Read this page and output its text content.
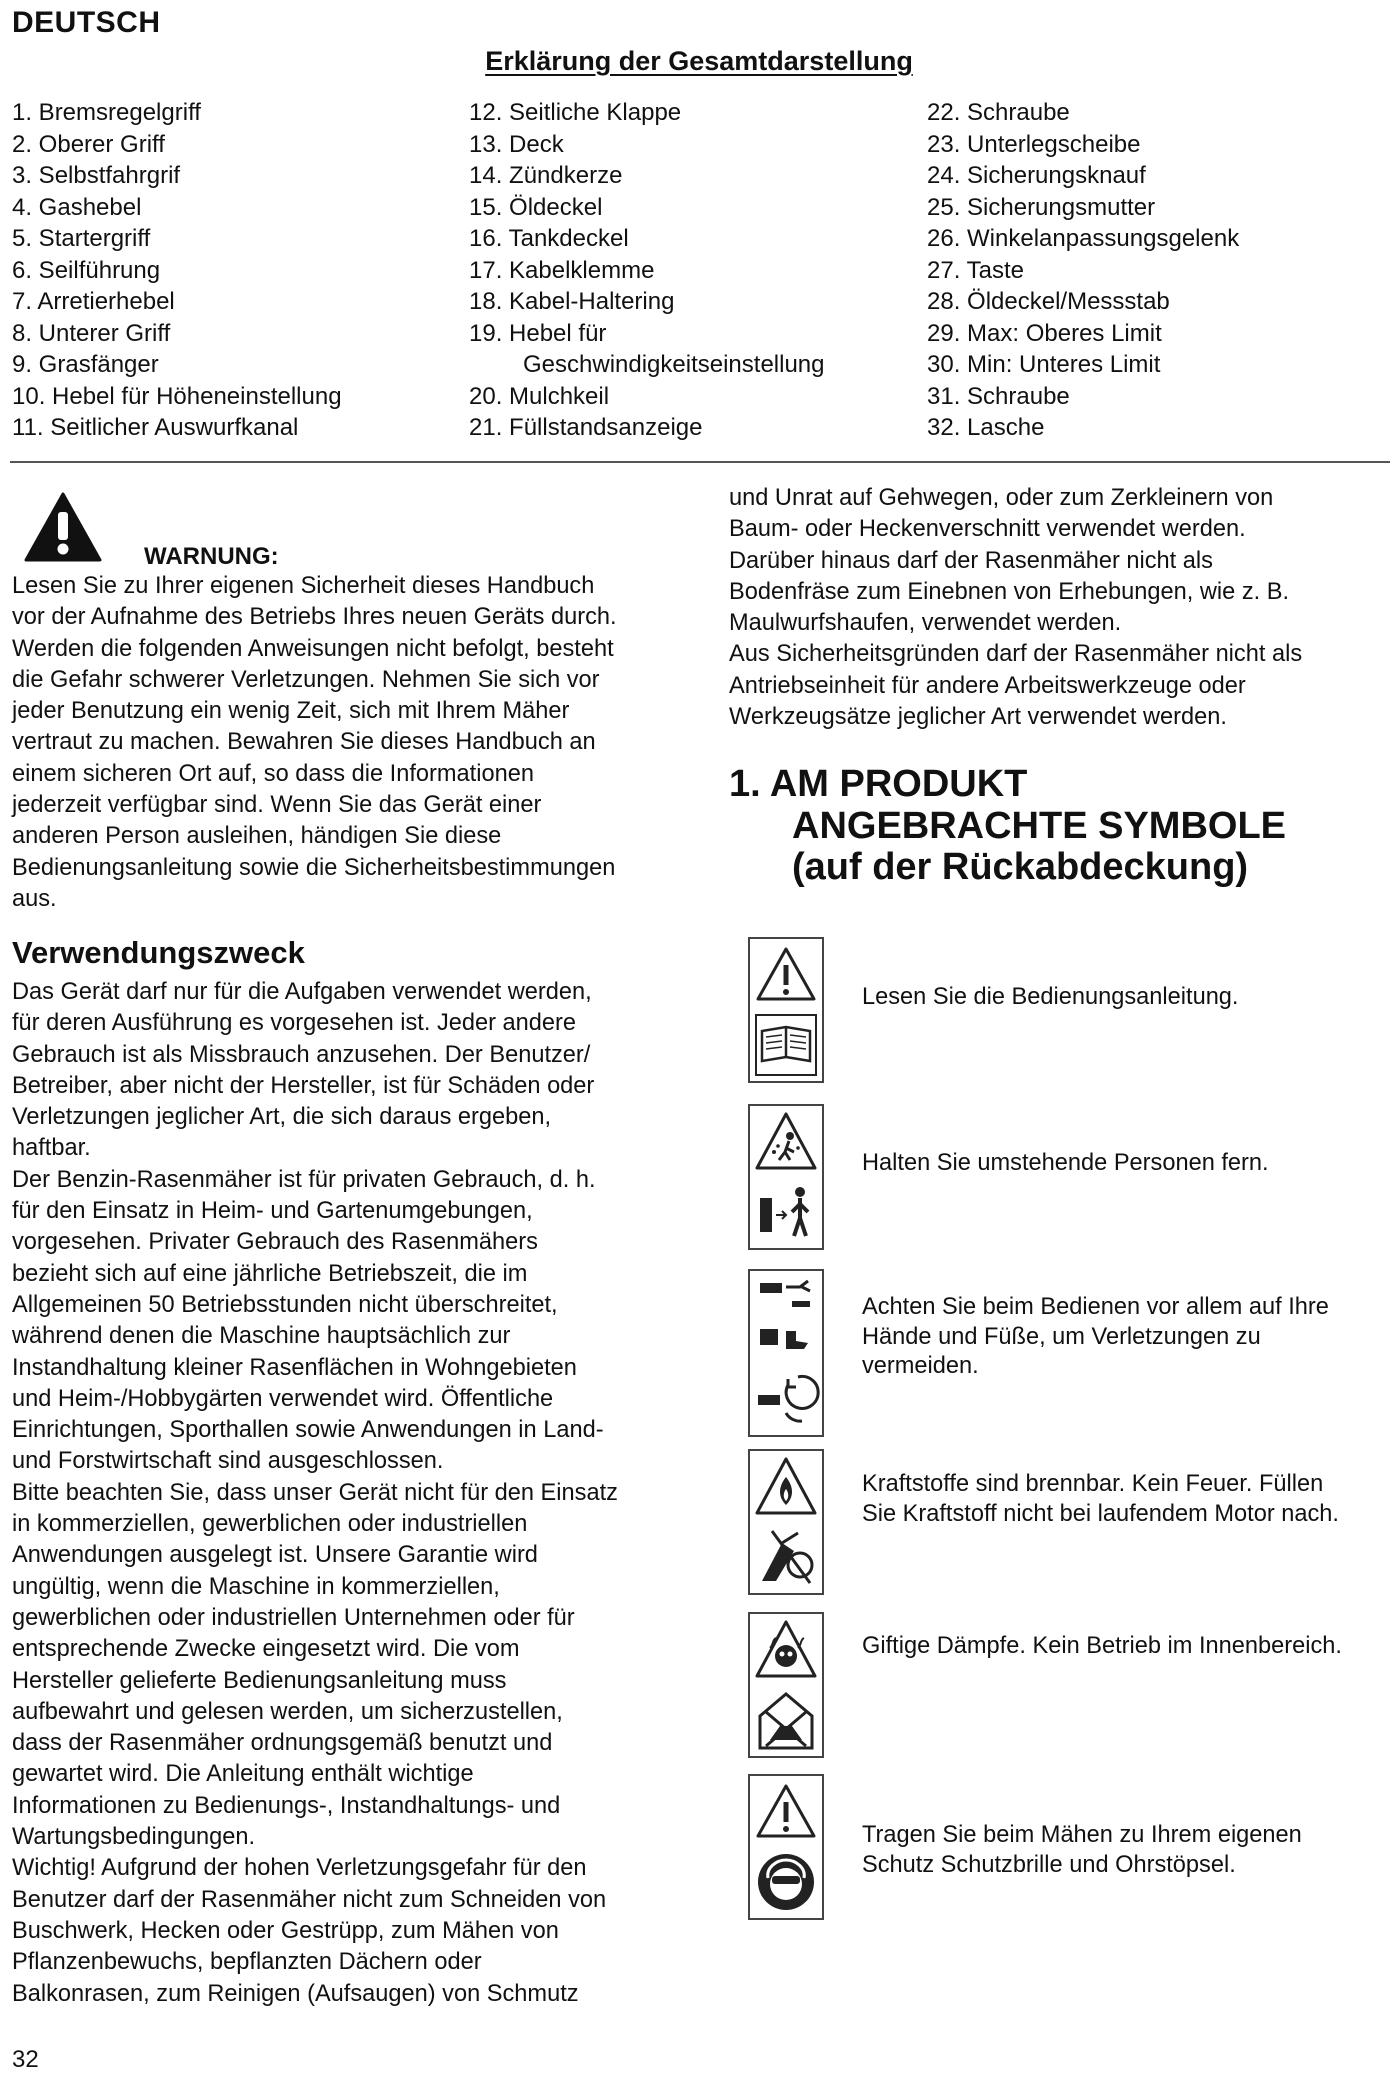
DEUTSCH
Erklärung der Gesamtdarstellung
1. Bremsregelgriff
2. Oberer Griff
3. Selbstfahrgrif
4. Gashebel
5. Startergriff
6. Seilführung
7. Arretierhebel
8. Unterer Griff
9. Grasfänger
10. Hebel für Höheneinstellung
11. Seitlicher Auswurfkanal
12. Seitliche Klappe
13. Deck
14. Zündkerze
15. Öldeckel
16. Tankdeckel
17. Kabelklemme
18. Kabel-Haltering
19. Hebel für
Geschwindigkeitseinstellung
20. Mulchkeil
21. Füllstandsanzeige
22. Schraube
23. Unterlegscheibe
24. Sicherungsknauf
25. Sicherungsmutter
26. Winkelanpassungsgelenk
27. Taste
28. Öldeckel/Messstab
29. Max: Oberes Limit
30. Min: Unteres Limit
31. Schraube
32. Lasche
WARNUNG:

Lesen Sie zu Ihrer eigenen Sicherheit dieses Handbuch

vor der Aufnahme des Betriebs Ihres neuen Geräts durch.

Werden die folgenden Anweisungen nicht befolgt, besteht

die Gefahr schwerer Verletzungen. Nehmen Sie sich vor

jeder Benutzung ein wenig Zeit, sich mit Ihrem Mäher

vertraut zu machen. Bewahren Sie dieses Handbuch an

einem sicheren Ort auf, so dass die Informationen

jederzeit verfügbar sind. Wenn Sie das Gerät einer

anderen Person ausleihen, händigen Sie diese

Bedienungsanleitung sowie die Sicherheitsbestimmungen

aus.

Verwendungszweck

Das Gerät darf nur für die Aufgaben verwendet werden,

für deren Ausführung es vorgesehen ist. Jeder andere

Gebrauch ist als Missbrauch anzusehen. Der Benutzer/

Betreiber, aber nicht der Hersteller, ist für Schäden oder

Verletzungen jeglicher Art, die sich daraus ergeben,

haftbar.

Der Benzin-Rasenmäher ist für privaten Gebrauch, d. h.

für den Einsatz in Heim- und Gartenumgebungen,

vorgesehen. Privater Gebrauch des Rasenmähers

bezieht sich auf eine jährliche Betriebszeit, die im

Allgemeinen 50 Betriebsstunden nicht überschreitet,

während denen die Maschine hauptsächlich zur

Instandhaltung kleiner Rasenflächen in Wohngebieten

und Heim-/Hobbygärten verwendet wird. Öffentliche

Einrichtungen, Sporthallen sowie Anwendungen in Land-

und Forstwirtschaft sind ausgeschlossen.

Bitte beachten Sie, dass unser Gerät nicht für den Einsatz

in kommerziellen, gewerblichen oder industriellen

Anwendungen ausgelegt ist. Unsere Garantie wird

ungültig, wenn die Maschine in kommerziellen,

gewerblichen oder industriellen Unternehmen oder für

entsprechende Zwecke eingesetzt wird. Die vom

Hersteller gelieferte Bedienungsanleitung muss

aufbewahrt und gelesen werden, um sicherzustellen,

dass der Rasenmäher ordnungsgemäß benutzt und

gewartet wird. Die Anleitung enthält wichtige

Informationen zu Bedienungs-, Instandhaltungs- und

Wartungsbedingungen.

Wichtig! Aufgrund der hohen Verletzungsgefahr für den

Benutzer darf der Rasenmäher nicht zum Schneiden von

Buschwerk, Hecken oder Gestrüpp, zum Mähen von

Pflanzenbewuchs, bepflanzten Dächern oder

Balkonrasen, zum Reinigen (Aufsaugen) von Schmutz

und Unrat auf Gehwegen, oder zum Zerkleinern von

Baum- oder Heckenverschnitt verwendet werden.

Darüber hinaus darf der Rasenmäher nicht als

Bodenfräse zum Einebnen von Erhebungen, wie z. B.

Maulwurfshaufen, verwendet werden.

Aus Sicherheitsgründen darf der Rasenmäher nicht als

Antriebseinheit für andere Arbeitswerkzeuge oder

Werkzeugsätze jeglicher Art verwendet werden.

1. AM PRODUKT
ANGEBRACHTE SYMBOLE
(auf der Rückabdeckung)

Lesen Sie die Bedienungsanleitung.

Halten Sie umstehende Personen fern.

Achten Sie beim Bedienen vor allem auf Ihre

Hände und Füße, um Verletzungen zu

vermeiden.

Kraftstoffe sind brennbar. Kein Feuer. Füllen

Sie Kraftstoff nicht bei laufendem Motor nach.

Giftige Dämpfe. Kein Betrieb im Innenbereich.

Tragen Sie beim Mähen zu Ihrem eigenen

Schutz Schutzbrille und Ohrstöpsel.

32
